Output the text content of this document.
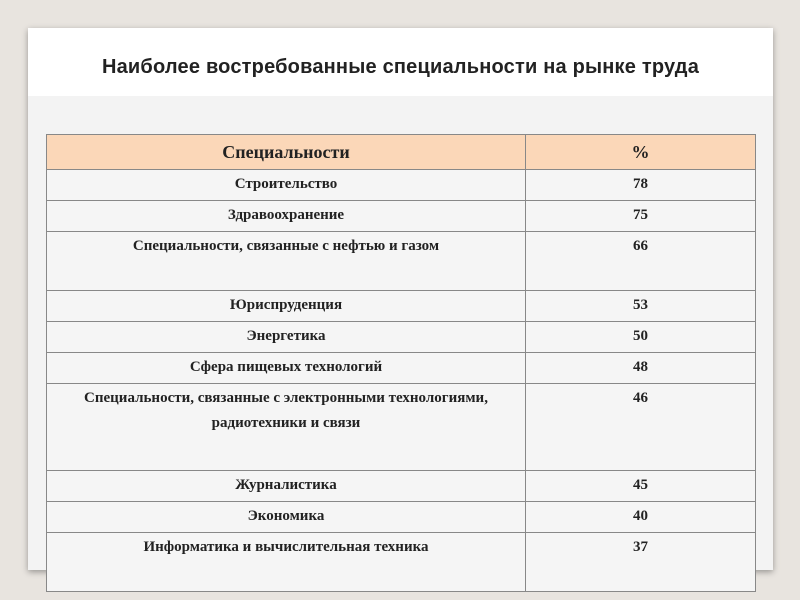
Наиболее востребованные специальности на рынке труда
Специальности	%
Строительство	78
Здравоохранение	75
Специальности, связанные с нефтью и газом	66
Юриспруденция	53
Энергетика	50
Сфера пищевых технологий	48
Специальности, связанные с электронными технологиями, радиотехники и связи	46
Журналистика	45
Экономика	40
Информатика и вычислительная техника	37
